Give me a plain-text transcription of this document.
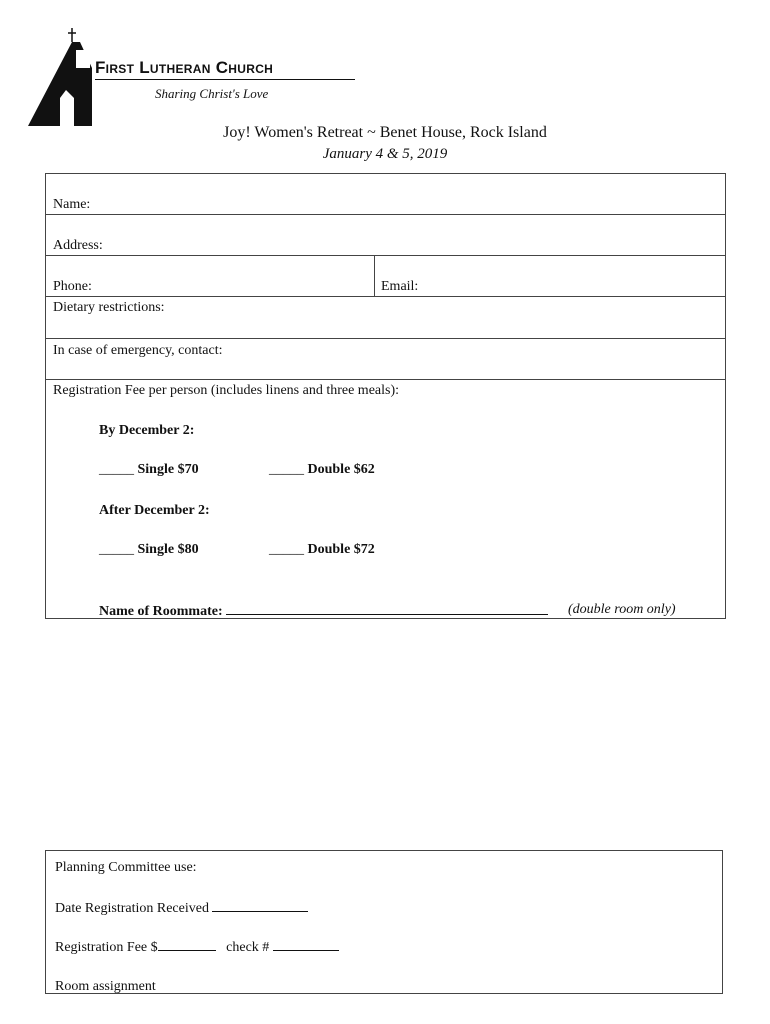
First Lutheran Church
Sharing Christ's Love
Joy! Women's Retreat ~ Benet House, Rock Island
January 4 & 5, 2019
Name:
Address:
Phone:	Email:
Dietary restrictions:
In case of emergency, contact:
Registration Fee per person (includes linens and three meals):
By December 2:
_____ Single $70	_____ Double $62
After December 2:
_____ Single $80	_____ Double $72
Name of Roommate:	(double room only)
Planning Committee use:
Date Registration Received
Registration Fee $	check #
Room assignment
